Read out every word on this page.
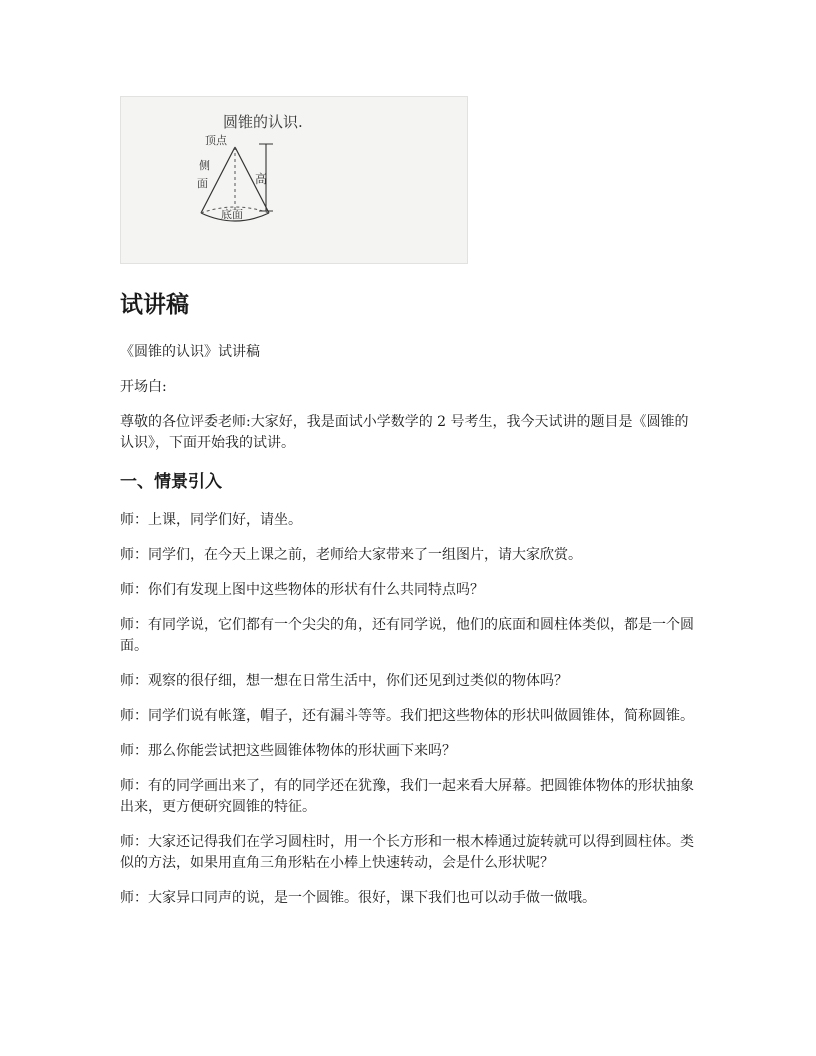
圆锥的认识.
顶点
侧
面	高
底面
试讲稿

《圆锥的认识》试讲稿

开场白:

尊敬的各位评委老师:大家好，我是面试小学数学的 2 号考生，我今天试讲的题目是《圆锥的认识》，下面开始我的试讲。

一、情景引入

师：上课，同学们好，请坐。

师：同学们，在今天上课之前，老师给大家带来了一组图片，请大家欣赏。

师：你们有发现上图中这些物体的形状有什么共同特点吗？

师：有同学说，它们都有一个尖尖的角，还有同学说，他们的底面和圆柱体类似，都是一个圆面。

师：观察的很仔细，想一想在日常生活中，你们还见到过类似的物体吗？

师：同学们说有帐篷，帽子，还有漏斗等等。我们把这些物体的形状叫做圆锥体，简称圆锥。

师：那么你能尝试把这些圆锥体物体的形状画下来吗？

师：有的同学画出来了，有的同学还在犹豫，我们一起来看大屏幕。把圆锥体物体的形状抽象出来，更方便研究圆锥的特征。

师：大家还记得我们在学习圆柱时，用一个长方形和一根木棒通过旋转就可以得到圆柱体。类似的方法，如果用直角三角形粘在小棒上快速转动，会是什么形状呢？

师：大家异口同声的说，是一个圆锥。很好，课下我们也可以动手做一做哦。
